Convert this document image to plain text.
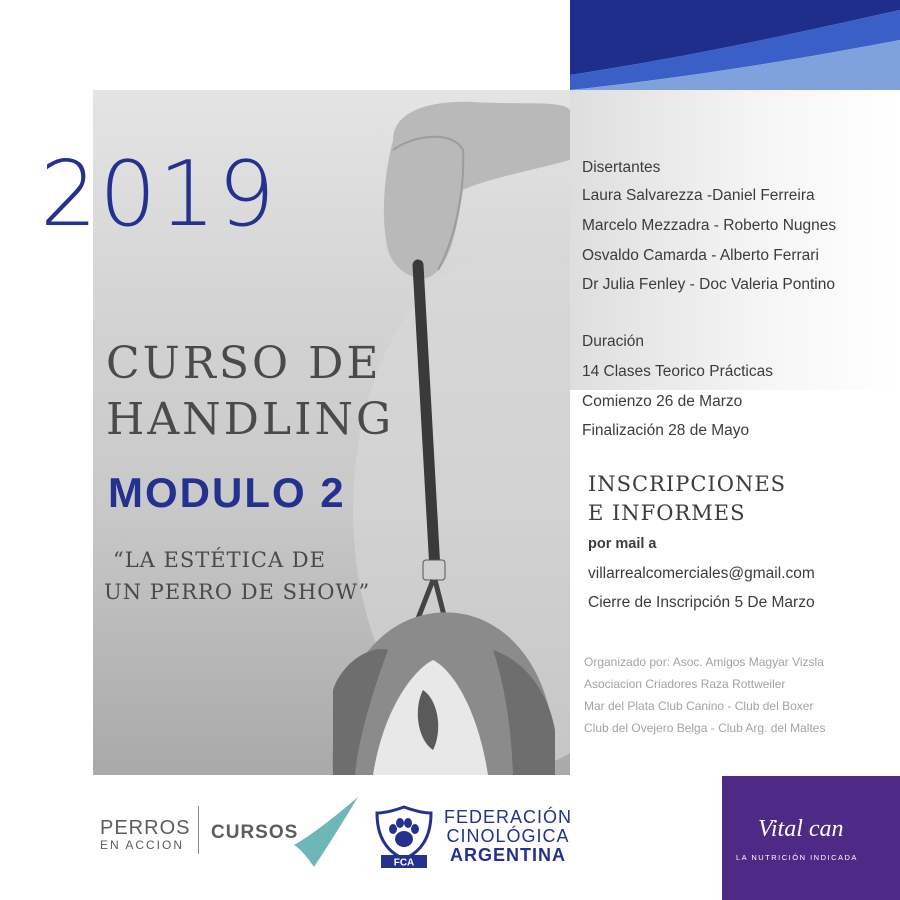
2019
CURSO DE
HANDLING
MODULO 2
“LA ESTÉTICA DE
UN PERRO DE SHOW”
Disertantes
Laura Salvarezza -Daniel Ferreira
Marcelo Mezzadra - Roberto Nugnes
Osvaldo Camarda - Alberto Ferrari
Dr Julia Fenley - Doc Valeria Pontino
Duración
14 Clases Teorico Prácticas
Comienzo 26 de Marzo
Finalización 28 de Mayo
INSCRIPCIONES
E INFORMES
por mail a
villarrealcomerciales@gmail.com
Cierre de Inscripción 5 De Marzo
Organizado por: Asoc. Amigos Magyar Vizsla
Asociacion Criadores Raza Rottweiler
Mar del Plata Club Canino - Club del Boxer
Club del Ovejero Belga - Club Arg. del Maltes
PERROS
EN ACCION
CURSOS
FCA
FEDERACIÓN
CINOLÓGICA
ARGENTINA
Vital can
LA NUTRICIÓN INDICADA
